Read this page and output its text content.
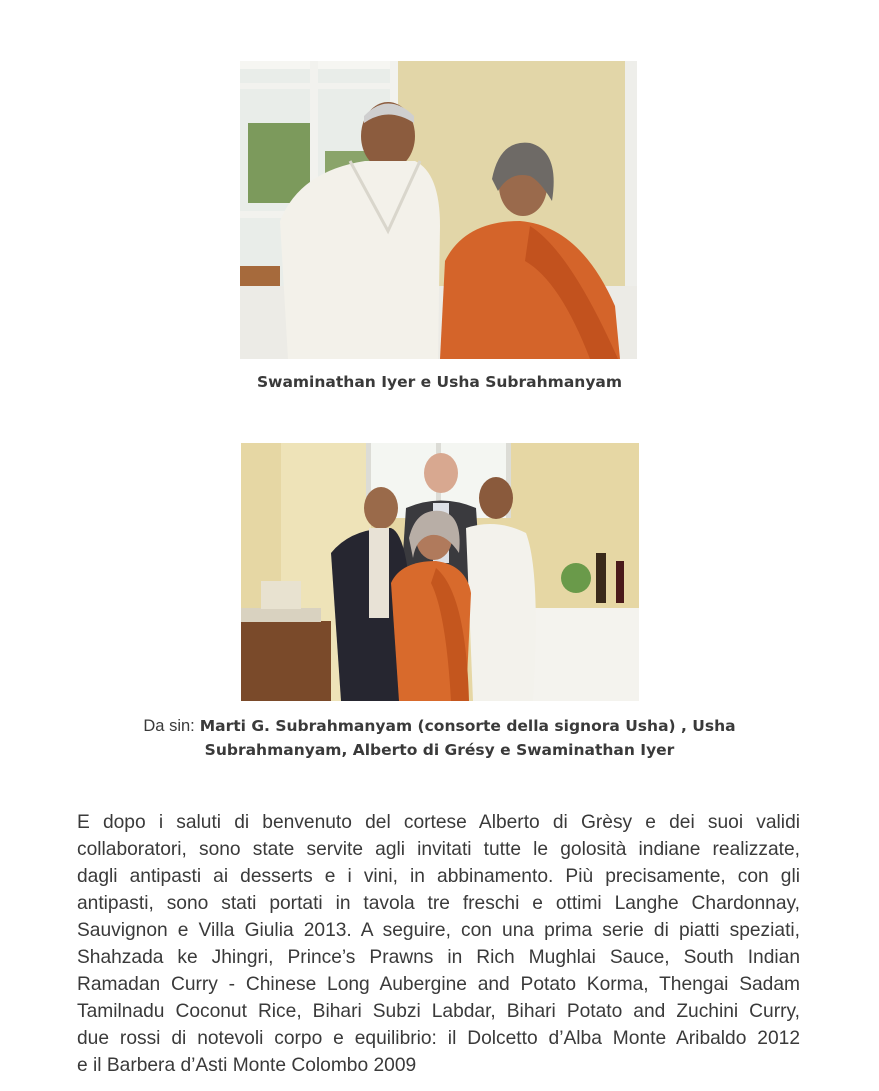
Swaminathan Iyer e Usha Subrahmanyam
Da sin: Marti G. Subrahmanyam (consorte della signora Usha) , Usha
Subrahmanyam, Alberto di Grésy e Swaminathan Iyer
E dopo i saluti di benvenuto del cortese Alberto di Grèsy e dei suoi validi
collaboratori, sono state servite agli invitati tutte le golosità indiane realizzate,
dagli antipasti ai desserts e i vini, in abbinamento. Più precisamente, con gli
antipasti, sono stati portati in tavola tre freschi e ottimi Langhe Chardonnay,
Sauvignon e Villa Giulia 2013. A seguire, con una prima serie di piatti speziati,
Shahzada ke Jhingri, Prince’s Prawns in Rich Mughlai Sauce, South Indian
Ramadan Curry - Chinese Long Aubergine and Potato Korma, Thengai Sadam
Tamilnadu Coconut Rice, Bihari Subzi Labdar, Bihari Potato and Zuchini Curry,
due rossi di notevoli corpo e equilibrio: il Dolcetto d’Alba Monte Aribaldo 2012
e il Barbera d’Asti Monte Colombo 2009
